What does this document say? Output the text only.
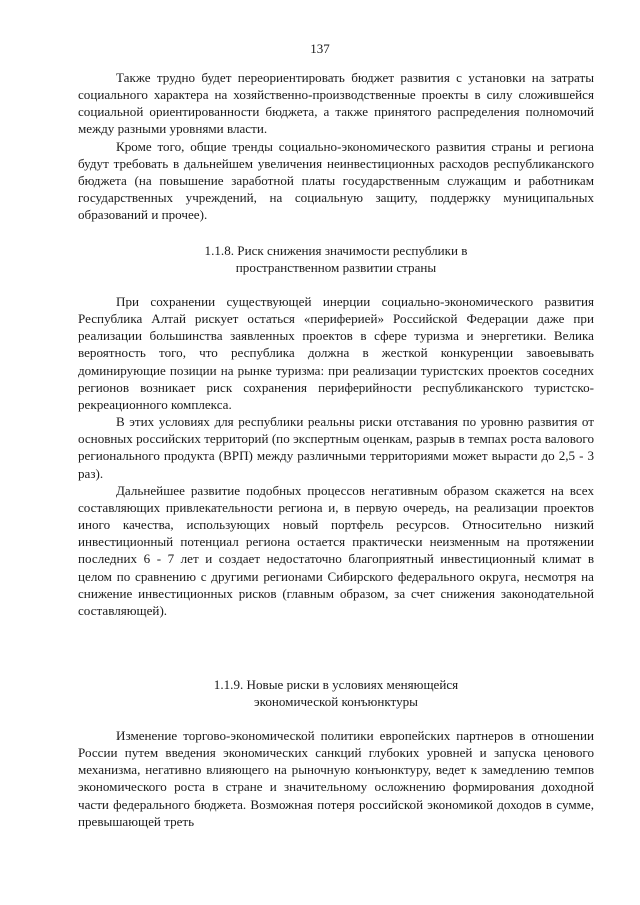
137

Также трудно будет переориентировать бюджет развития с установки на затраты социального характера на хозяйственно-производственные проекты в силу сложившейся социальной ориентированности бюджета, а также принятого распределения полномочий между разными уровнями власти.

Кроме того, общие тренды социально-экономического развития страны и региона будут требовать в дальнейшем увеличения неинвестиционных расходов республиканского бюджета (на повышение заработной платы государственным служащим и работникам государственных учреждений, на социальную защиту, поддержку муниципальных образований и прочее).

1.1.8. Риск снижения значимости республики в
пространственном развитии страны

При сохранении существующей инерции социально-экономического развития Республика Алтай рискует остаться «периферией» Российской Федерации даже при реализации большинства заявленных проектов в сфере туризма и энергетики. Велика вероятность того, что республика должна в жесткой конкуренции завоевывать доминирующие позиции на рынке туризма: при реализации туристских проектов соседних регионов возникает риск сохранения периферийности республиканского туристско-рекреационного комплекса.

В этих условиях для республики реальны риски отставания по уровню развития от основных российских территорий (по экспертным оценкам, разрыв в темпах роста валового регионального продукта (ВРП) между различными территориями может вырасти до 2,5 - 3 раз).

Дальнейшее развитие подобных процессов негативным образом скажется на всех составляющих привлекательности региона и, в первую очередь, на реализации проектов иного качества, использующих новый портфель ресурсов. Относительно низкий инвестиционный потенциал региона остается практически неизменным на протяжении последних 6 - 7 лет и создает недостаточно благоприятный инвестиционный климат в целом по сравнению с другими регионами Сибирского федерального округа, несмотря на снижение инвестиционных рисков (главным образом, за счет снижения законодательной составляющей).

1.1.9. Новые риски в условиях меняющейся
экономической конъюнктуры

Изменение торгово-экономической политики европейских партнеров в отношении России путем введения экономических санкций глубоких уровней и запуска ценового механизма, негативно влияющего на рыночную конъюнктуру, ведет к замедлению темпов экономического роста в стране и значительному осложнению формирования доходной части федерального бюджета. Возможная потеря российской экономикой доходов в сумме, превышающей треть
